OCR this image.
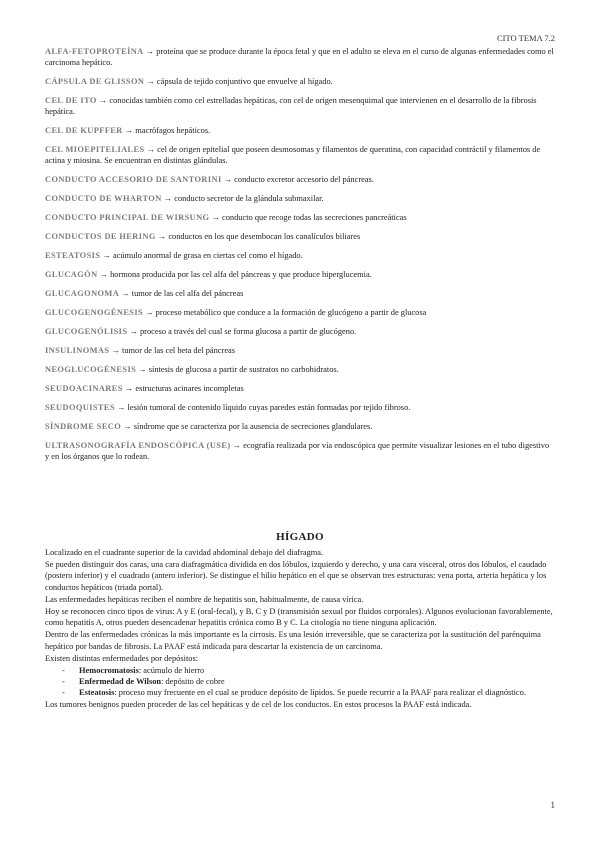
CITO TEMA 7.2
ALFA-FETOPROTEÍNA → proteína que se produce durante la época fetal y que en el adulto se eleva en el curso de algunas enfermedades como el carcinoma hepático.
CÁPSULA DE GLISSON → cápsula de tejido conjuntivo que envuelve al hígado.
CEL DE ITO → conocidas también como cel estrelladas hepáticas, con cel de origen mesenquimal que intervienen en el desarrollo de la fibrosis hepática.
CEL DE KUPFFER → macrófagos hepáticos.
CEL MIOEPITELIALES → cel de origen epitelial que poseen desmosomas y filamentos de queratina, con capacidad contráctil y filamentos de actina y miosina. Se encuentran en distintas glándulas.
CONDUCTO ACCESORIO DE SANTORINI → conducto excretor accesorio del páncreas.
CONDUCTO DE WHARTON → conducto secretor de la glándula submaxilar.
CONDUCTO PRINCIPAL DE WIRSUNG → conducto que recoge todas las secreciones pancreáticas
CONDUCTOS DE HERING → conductos en los que desembocan los canalículos biliares
ESTEATOSIS → acúmulo anormal de grasa en ciertas cel como el hígado.
GLUCAGÓN → hormona producida por las cel alfa del páncreas y que produce hiperglucemia.
GLUCAGONOMA → tumor de las cel alfa del páncreas
GLUCOGENOGÉNESIS → proceso metabólico que conduce a la formación de glucógeno a partir de glucosa
GLUCOGENÓLISIS → proceso a través del cual se forma glucosa a partir de glucógeno.
INSULINOMAS → tumor de las cel beta del páncreas
NEOGLUCOGÉNESIS → síntesis de glucosa a partir de sustratos no carbohidratos.
SEUDOACINARES → estructuras acinares incompletas
SEUDOQUISTES → lesión tumoral de contenido líquido cuyas paredes están formadas por tejido fibroso.
SÍNDROME SECO → síndrome que se caracteriza por la ausencia de secreciones glandulares.
ULTRASONOGRAFÍA ENDOSCÓPICA (USE) → ecografía realizada por vía endoscópica que permite visualizar lesiones en el tubo digestivo y en los órganos que lo rodean.
HÍGADO

Localizado en el cuadrante superior de la cavidad abdominal debajo del diafragma.

Se pueden distinguir dos caras, una cara diafragmática dividida en dos lóbulos, izquierdo y derecho, y una cara visceral, otros dos lóbulos, el caudado (postero inferior) y el cuadrado (antero inferior). Se distingue el hilio hepático en el que se observan tres estructuras: vena porta, arteria hepática y los conductos hepáticos (triada portal).

Las enfermedades hepáticas reciben el nombre de hepatitis son, habitualmente, de causa vírica.

Hoy se reconocen cinco tipos de virus: A y E (oral-fecal), y B, C y D (transmisión sexual por fluidos corporales). Algunos evolucionan favorablemente, como hepatitis A, otros pueden desencadenar hepatitis crónica como B y C. La citología no tiene ninguna aplicación.

Dentro de las enfermedades crónicas la más importante es la cirrosis. Es una lesión irreversible, que se caracteriza por la sustitución del parénquima hepático por bandas de fibrosis. La PAAF está indicada para descartar la existencia de un carcinoma.

Existen distintas enfermedades por depósitos:

- Hemocromatosis: acúmulo de hierro
- Enfermedad de Wilson: depósito de cobre
- Esteatosis: proceso muy frecuente en el cual se produce depósito de lípidos. Se puede recurrir a la PAAF para realizar el diagnóstico.

Los tumores benignos pueden proceder de las cel hepáticas y de cel de los conductos. En estos procesos la PAAF está indicada.

1
